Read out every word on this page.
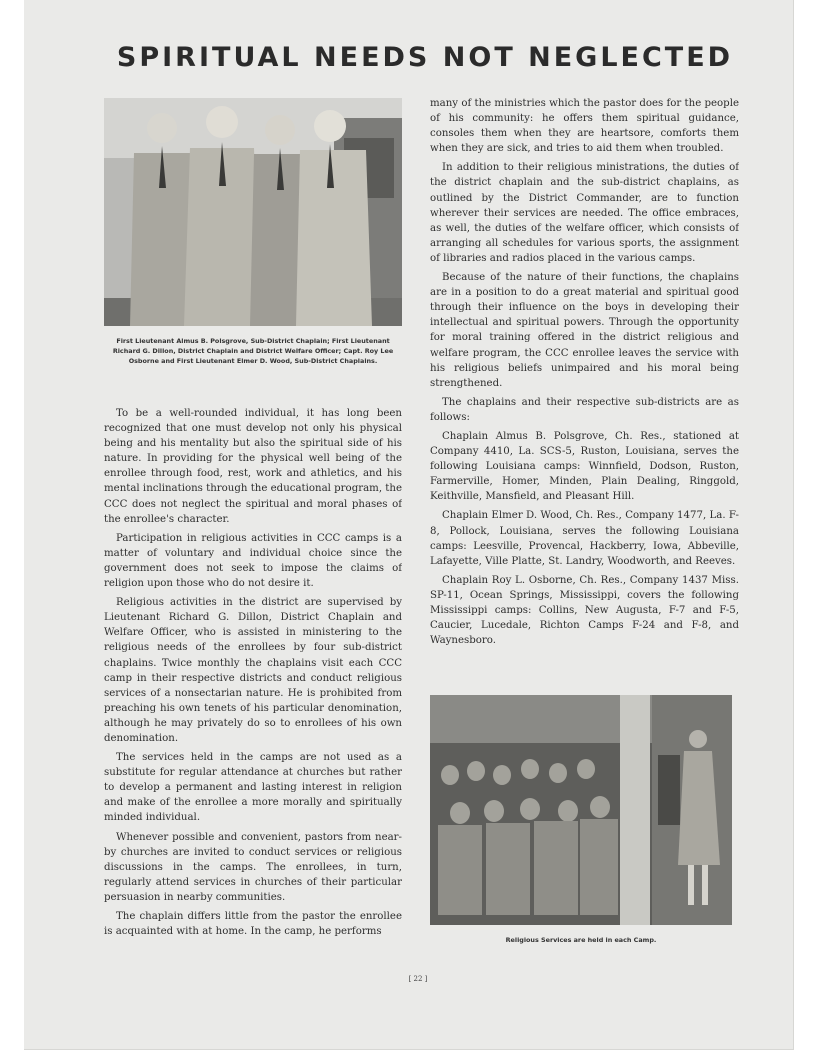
SPIRITUAL NEEDS NOT NEGLECTED

First Lieutenant Almus B. Polsgrove, Sub-District Chaplain; First Lieutenant Richard G. Dillon, District Chaplain and District Welfare Officer; Capt. Roy Lee Osborne and First Lieutenant Elmer D. Wood, Sub-District Chaplains.

To be a well-rounded individual, it has long been recognized that one must develop not only his physical being and his mentality but also the spiritual side of his nature. In providing for the physical well being of the enrollee through food, rest, work and athletics, and his mental inclinations through the educational program, the CCC does not neglect the spiritual and moral phases of the enrollee's character.

Participation in religious activities in CCC camps is a matter of voluntary and individual choice since the government does not seek to impose the claims of religion upon those who do not desire it.

Religious activities in the district are supervised by Lieutenant Richard G. Dillon, District Chaplain and Welfare Officer, who is assisted in ministering to the religious needs of the enrollees by four sub-district chaplains. Twice monthly the chaplains visit each CCC camp in their respective districts and conduct religious services of a nonsectarian nature. He is prohibited from preaching his own tenets of his particular denomination, although he may privately do so to enrollees of his own denomination.

The services held in the camps are not used as a substitute for regular attendance at churches but rather to develop a permanent and lasting interest in religion and make of the enrollee a more morally and spiritually minded individual.

Whenever possible and convenient, pastors from near-by churches are invited to conduct services or religious discussions in the camps. The enrollees, in turn, regularly attend services in churches of their particular persuasion in nearby communities.

The chaplain differs little from the pastor the enrollee is acquainted with at home. In the camp, he performs

many of the ministries which the pastor does for the people of his community: he offers them spiritual guidance, consoles them when they are heartsore, comforts them when they are sick, and tries to aid them when troubled.

In addition to their religious ministrations, the duties of the district chaplain and the sub-district chaplains, as outlined by the District Commander, are to function wherever their services are needed. The office embraces, as well, the duties of the welfare officer, which consists of arranging all schedules for various sports, the assignment of libraries and radios placed in the various camps.

Because of the nature of their functions, the chaplains are in a position to do a great material and spiritual good through their influence on the boys in developing their intellectual and spiritual powers. Through the opportunity for moral training offered in the district religious and welfare program, the CCC enrollee leaves the service with his religious beliefs unimpaired and his moral being strengthened.

The chaplains and their respective sub-districts are as follows:

Chaplain Almus B. Polsgrove, Ch. Res., stationed at Company 4410, La. SCS-5, Ruston, Louisiana, serves the following Louisiana camps: Winnfield, Dodson, Ruston, Farmerville, Homer, Minden, Plain Dealing, Ringgold, Keithville, Mansfield, and Pleasant Hill.

Chaplain Elmer D. Wood, Ch. Res., Company 1477, La. F-8, Pollock, Louisiana, serves the following Louisiana camps: Leesville, Provencal, Hackberry, Iowa, Abbeville, Lafayette, Ville Platte, St. Landry, Woodworth, and Reeves.

Chaplain Roy L. Osborne, Ch. Res., Company 1437 Miss. SP-11, Ocean Springs, Mississippi, covers the following Mississippi camps: Collins, New Augusta, F-7 and F-5, Caucier, Lucedale, Richton Camps F-24 and F-8, and Waynesboro.

Religious Services are held in each Camp.

[ 22 ]
